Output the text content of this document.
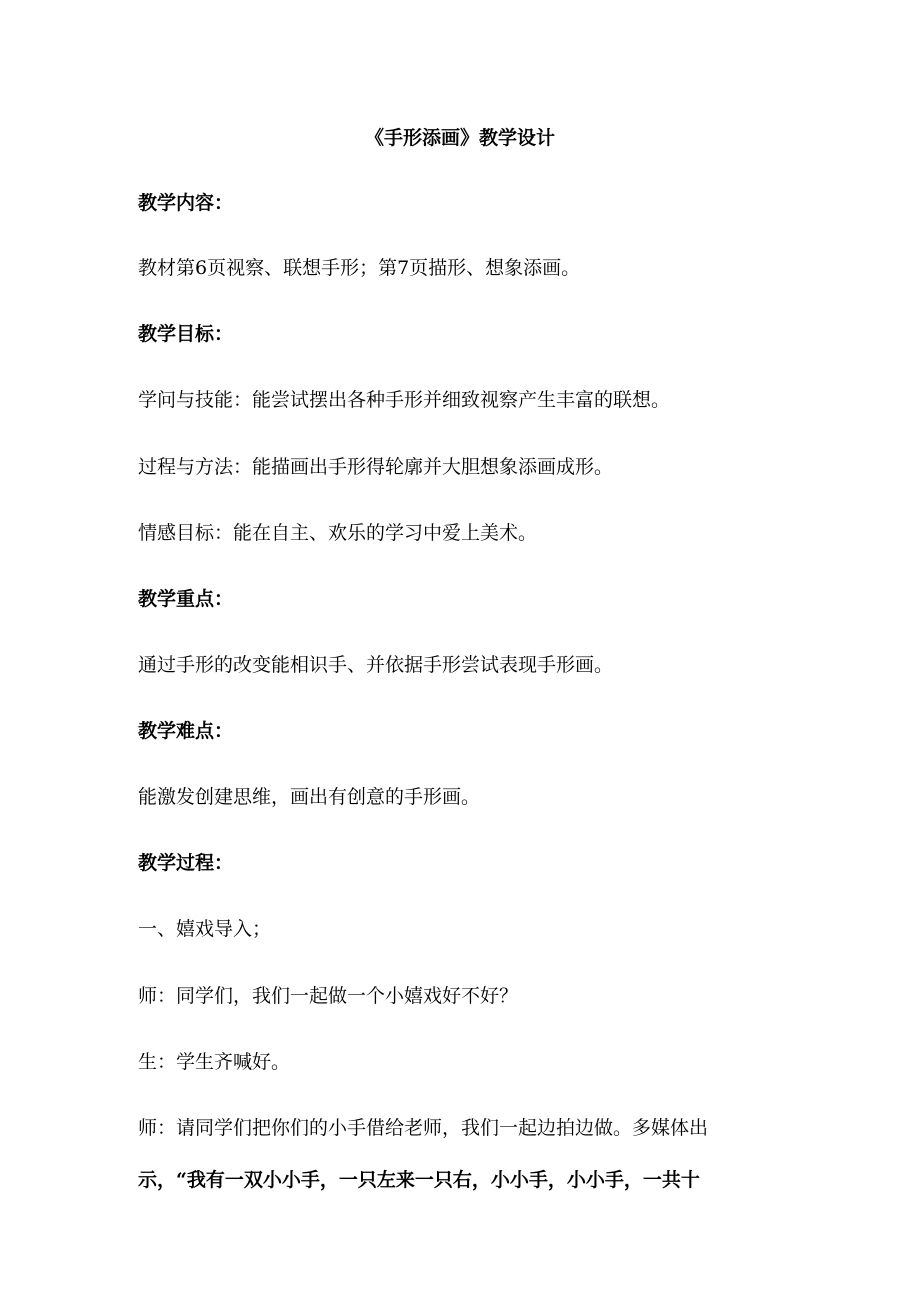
《手形添画》教学设计
教学内容：
教材第6页视察、联想手形；第7页描形、想象添画。
教学目标：
学问与技能：能尝试摆出各种手形并细致视察产生丰富的联想。
过程与方法：能描画出手形得轮廓并大胆想象添画成形。
情感目标：能在自主、欢乐的学习中爱上美术。
教学重点：
通过手形的改变能相识手、并依据手形尝试表现手形画。
教学难点：
能激发创建思维，画出有创意的手形画。
教学过程：
一、嬉戏导入；
师：同学们，我们一起做一个小嬉戏好不好？
生：学生齐喊好。
师：请同学们把你们的小手借给老师，我们一起边拍边做。多媒体出
示，“我有一双小小手，一只左来一只右，小小手，小小手，一共十
